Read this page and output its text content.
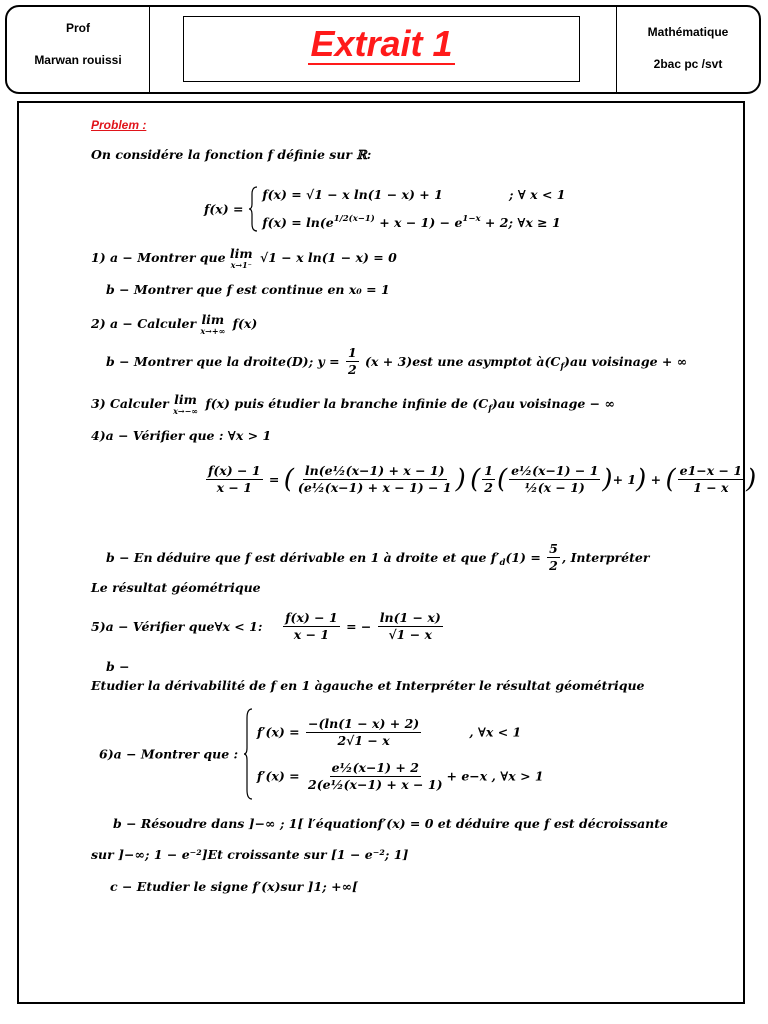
Prof
Marwan rouissi	Extrait 1	Mathématique
2bac pc /svt
Problem :
On considére la fonction f définie sur ℝ:
f(x) =
f(x) = √1 − x ln(1 − x) + 1	; ∀ x < 1
$f(x) = \ln(e^{1/2(x-1)} + x - 1) - e^{1-x} + 2$; ∀x ≥ 1
1) a − Montrer que lim
x→1⁻ √1 − x ln(1 − x) = 0
b − Montrer que f est continue en x₀ = 1
2) a − Calculer lim
x→+∞ f(x)
b − Montrer que la droite(D); $y = \frac{1}{2} (x + 3)est$ une asymptot $à(C_f)au$ voisinage + ∞
3) Calculer lim
x→−∞ f(x) puis étudier la branche infinie de $(C_f)au$ voisinage − ∞
4)a − Vérifier que : ∀x > 1
$\frac{f(x) - 1}{x - 1}$ = ( $\frac{\text{ln(e½(x−1) + x − 1)}}{\text{(e½(x−1) + x − 1) − 1}}$ ) ( $\frac{1}{2}$ ( $\frac{\text{e½(x−1) − 1}}{\text{½(x − 1)}}$ )+ 1) + ( $\frac{e1-x - 1}{1 - x}$ )
b − En déduire que f est dérivable en 1 à droite et que $f'_d(1) = \frac{5}{2}$ , Interpréter
Le résultat géométrique
5)a − Vérifier que∀x < 1: $\frac{f(x) - 1}{x - 1}$ = − $\frac{\ln(1 - x)}{√1 - x}$
b −
Etudier la dérivabilité de f en 1 àgauche et Interpréter le résultat géométrique
6)a − Montrer que :
$f'(x) = \frac{-(\ln(1 - x) + 2)}{2√1 - x}$	, ∀x < 1
$f'(x) = \frac{\text{e½(x−1) + 2}}{\text{2(e½(x−1) + x − 1)}} + e-x$ , ∀x > 1
b − Résoudre dans ]−∞ ; 1[ l′équationf′(x) = 0 et déduire que f est décroissante
sur ]−∞; 1 − e⁻²]Et croissante sur [1 − e⁻²; 1]
c − Etudier le signe f′(x)sur ]1; +∞[
